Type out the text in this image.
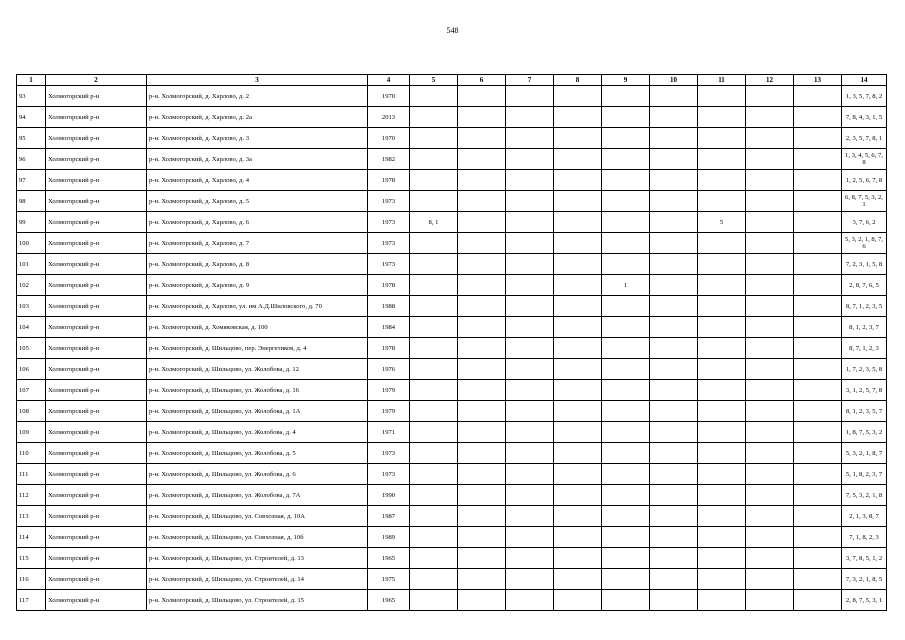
548
1	2	3	4	5	6	7	8	9	10	11	12	13	14
93	Холмогорский р-н	р-н. Холмогорский, д. Харлово, д. 2	1970										1, 3, 5, 7, 8, 2
94	Холмогорский р-н	р-н. Холмогорский, д. Харлово, д. 2а	2013										7, 8, 4, 3, 1, 5
95	Холмогорский р-н	р-н. Холмогорский, д. Харлово, д. 3	1970										2, 3, 5, 7, 8, 1
96	Холмогорский р-н	р-н. Холмогорский, д. Харлово, д. 3а	1982										1, 3, 4, 5, 6, 7, 8
97	Холмогорский р-н	р-н. Холмогорский, д. Харлово, д. 4	1978										1, 2, 5, 6, 7, 8
98	Холмогорский р-н	р-н. Холмогорский, д. Харлово, д. 5	1973										6, 8, 7, 5, 3, 2, 1
99	Холмогорский р-н	р-н. Холмогорский, д. Харлово, д. 6	1973	8, 1						5			3, 7, 6, 2
100	Холмогорский р-н	р-н. Холмогорский, д. Харлово, д. 7	1973										5, 3, 2, 1, 8, 7, 6
101	Холмогорский р-н	р-н. Холмогорский, д. Харлово, д. 8	1973										7, 2, 3, 1, 5, 8
102	Холмогорский р-н	р-н. Холмогорский, д. Харлово, д. 9	1978					1					2, 8, 7, 6, 5
103	Холмогорский р-н	р-н. Холмогорский, д. Харлово, ул. им А.Д.Шиловского, д. 70	1988										8, 7, 1, 2, 3, 5
104	Холмогорский р-н	р-н. Холмогорский, д. Хомяковская, д. 100	1984										8, 1, 2, 3, 7
105	Холмогорский р-н	р-н. Холмогорский, д. Шильцово, пер. Энергетиков, д. 4	1978										8, 7, 1, 2, 3
106	Холмогорский р-н	р-н. Холмогорский, д. Шильцово, ул. Жолобова, д. 12	1976										1, 7, 2, 3, 5, 8
107	Холмогорский р-н	р-н. Холмогорский, д. Шильцово, ул. Жолобова, д. 16	1979										3, 1, 2, 5, 7, 8
108	Холмогорский р-н	р-н. Холмогорский, д. Шильцово, ул. Жолобова, д. 1А	1979										8, 1, 2, 3, 5, 7
109	Холмогорский р-н	р-н. Холмогорский, д. Шильцово, ул. Жолобова, д. 4	1971										1, 8, 7, 5, 3, 2
110	Холмогорский р-н	р-н. Холмогорский, д. Шильцово, ул. Жолобова, д. 5	1973										5, 3, 2, 1, 8, 7
111	Холмогорский р-н	р-н. Холмогорский, д. Шильцово, ул. Жолобова, д. 6	1973										5, 1, 8, 2, 3, 7
112	Холмогорский р-н	р-н. Холмогорский, д. Шильцово, ул. Жолобова, д. 7А	1990										7, 5, 3, 2, 1, 8
113	Холмогорский р-н	р-н. Холмогорский, д. Шильцово, ул. Совхозная, д. 10А	1987										2, 1, 3, 8, 7
114	Холмогорский р-н	р-н. Холмогорский, д. Шильцово, ул. Совхозная, д. 10б	1989										7, 1, 8, 2, 3
115	Холмогорский р-н	р-н. Холмогорский, д. Шильцово, ул. Строителей, д. 13	1965										3, 7, 8, 5, 1, 2
116	Холмогорский р-н	р-н. Холмогорский, д. Шильцово, ул. Строителей, д. 14	1975										7, 3, 2, 1, 8, 5
117	Холмогорский р-н	р-н. Холмогорский, д. Шильцово, ул. Строителей, д. 15	1965										2, 8, 7, 5, 3, 1
